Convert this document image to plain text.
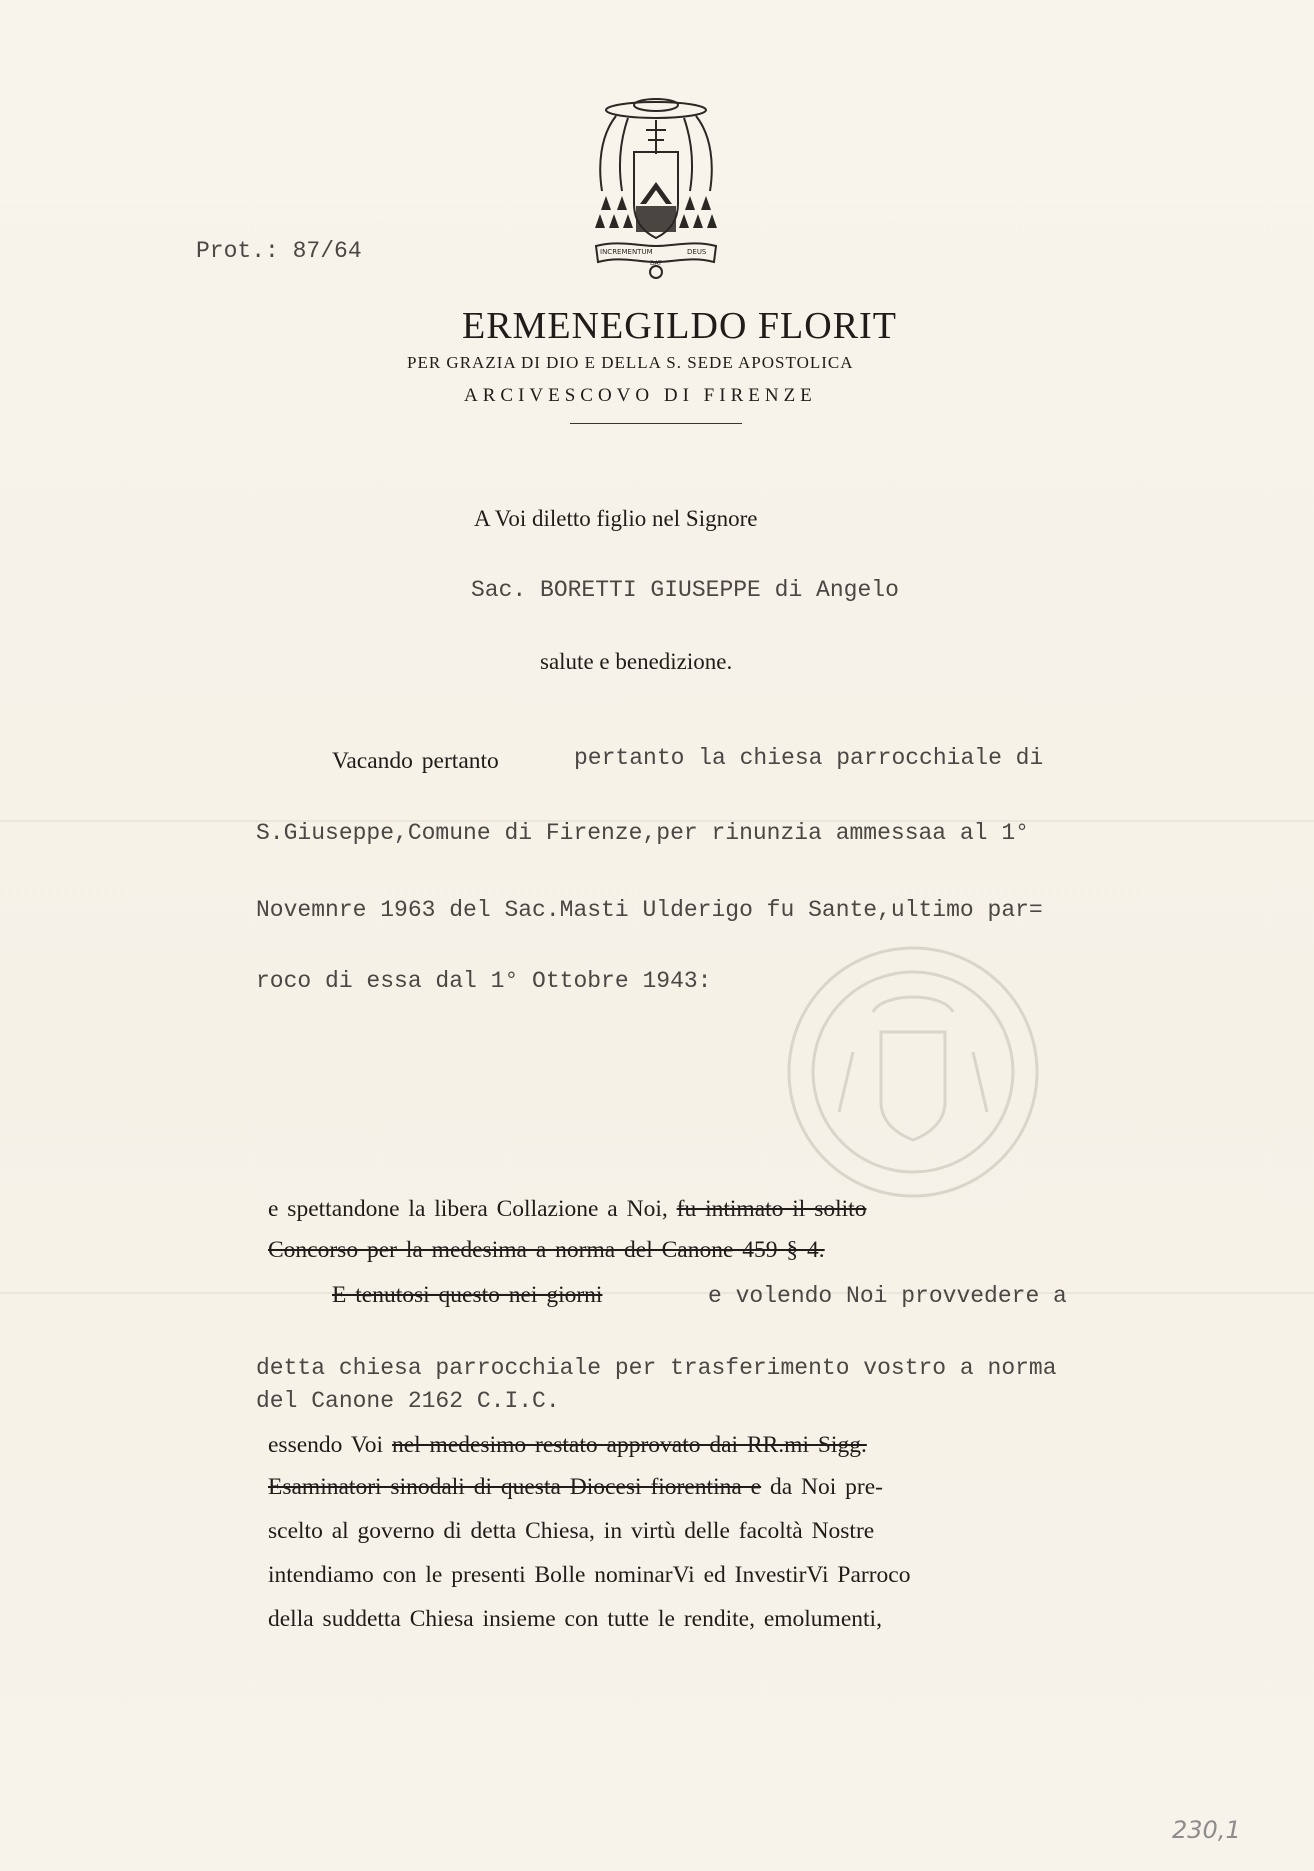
Prot.: 87/64	INCREMENTUM	DEUS
DAT
ERMENEGILDO FLORIT
PER GRAZIA DI DIO E DELLA S. SEDE APOSTOLICA
ARCIVESCOVO DI FIRENZE
A Voi diletto figlio nel Signore
Sac. BORETTI GIUSEPPE di Angelo
salute e benedizione.
Vacando pertanto	pertanto la chiesa parrocchiale di
S.Giuseppe,Comune di Firenze,per rinunzia ammessaa al 1°
Novemnre 1963 del Sac.Masti Ulderigo fu Sante,ultimo par=
roco di essa dal 1° Ottobre 1943:
e spettandone la libera Collazione a Noi, fu intimato il solito
Concorso per la medesima a norma del Canone 459 § 4.
E tenutosi questo nei giorni	e volendo Noi provvedere a
detta chiesa parrocchiale per trasferimento vostro a norma
del Canone 2162 C.I.C.
essendo Voi nel medesimo restato approvato dai RR.mi Sigg.
Esaminatori sinodali di questa Diocesi fiorentina e da Noi pre-
scelto al governo di detta Chiesa, in virtù delle facoltà Nostre
intendiamo con le presenti Bolle nominarVi ed InvestirVi Parroco
della suddetta Chiesa insieme con tutte le rendite, emolumenti,
230,1
